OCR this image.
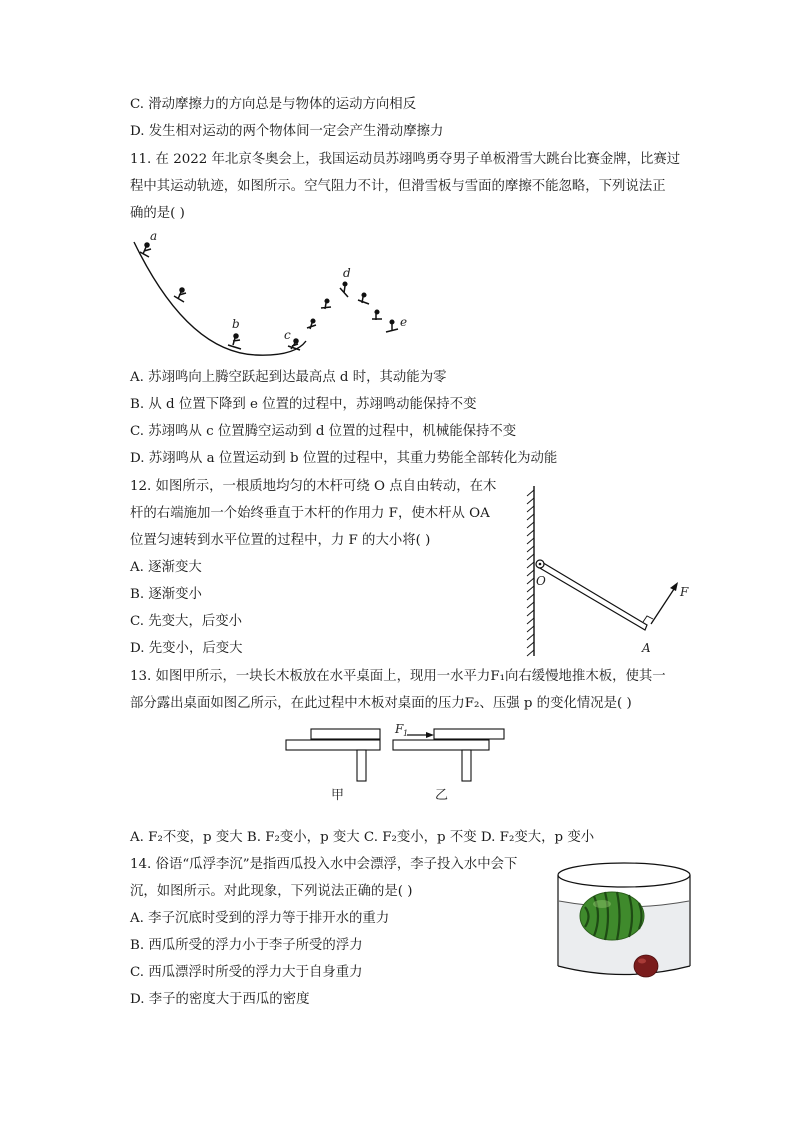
C. 滑动摩擦力的方向总是与物体的运动方向相反
D. 发生相对运动的两个物体间一定会产生滑动摩擦力
11. 在 2022 年北京冬奥会上，我国运动员苏翊鸣勇夺男子单板滑雪大跳台比赛金牌，比赛过
程中其运动轨迹，如图所示。空气阻力不计，但滑雪板与雪面的摩擦不能忽略，下列说法正
确的是( )
a
b
c
d
e
A. 苏翊鸣向上腾空跃起到达最高点 d 时，其动能为零
B. 从 d 位置下降到 e 位置的过程中，苏翊鸣动能保持不变
C. 苏翊鸣从 c 位置腾空运动到 d 位置的过程中，机械能保持不变
D. 苏翊鸣从 a 位置运动到 b 位置的过程中，其重力势能全部转化为动能
12. 如图所示，一根质地均匀的木杆可绕 O 点自由转动，在木
杆的右端施加一个始终垂直于木杆的作用力 F，使木杆从 OA
位置匀速转到水平位置的过程中，力 F 的大小将( )
A. 逐渐变大
B. 逐渐变小
C. 先变大，后变小
D. 先变小，后变大
O
A
F
13. 如图甲所示，一块长木板放在水平桌面上，现用一水平力F₁向右缓慢地推木板，使其一
部分露出桌面如图乙所示，在此过程中木板对桌面的压力F₂、压强 p 的变化情况是( )
F 1
甲	乙
A. F₂不变，p 变大 B. F₂变小，p 变大 C. F₂变小，p 不变 D. F₂变大，p 变小
14. 俗语“瓜浮李沉”是指西瓜投入水中会漂浮，李子投入水中会下
沉，如图所示。对此现象，下列说法正确的是( )
A. 李子沉底时受到的浮力等于排开水的重力
B. 西瓜所受的浮力小于李子所受的浮力
C. 西瓜漂浮时所受的浮力大于自身重力
D. 李子的密度大于西瓜的密度
